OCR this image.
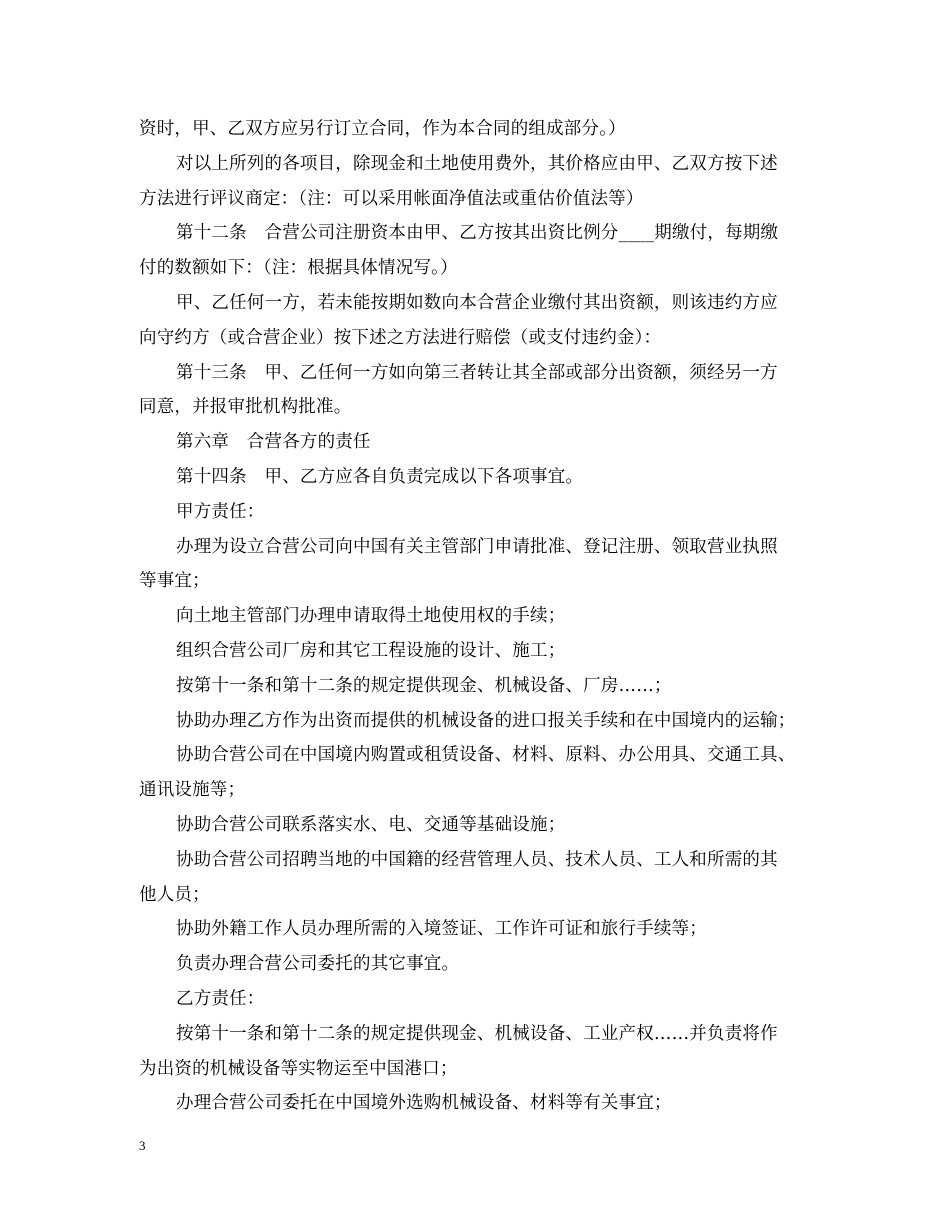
资时，甲、乙双方应另行订立合同，作为本合同的组成部分。）
对以上所列的各项目，除现金和土地使用费外，其价格应由甲、乙双方按下述
方法进行评议商定：（注：可以采用帐面净值法或重估价值法等）
第十二条　合营公司注册资本由甲、乙方按其出资比例分____期缴付，每期缴
付的数额如下：（注：根据具体情况写。）
甲、乙任何一方，若未能按期如数向本合营企业缴付其出资额，则该违约方应
向守约方（或合营企业）按下述之方法进行赔偿（或支付违约金）：
第十三条　甲、乙任何一方如向第三者转让其全部或部分出资额，须经另一方
同意，并报审批机构批准。
第六章　合营各方的责任
第十四条　甲、乙方应各自负责完成以下各项事宜。
甲方责任：
办理为设立合营公司向中国有关主管部门申请批准、登记注册、领取营业执照
等事宜；
向土地主管部门办理申请取得土地使用权的手续；
组织合营公司厂房和其它工程设施的设计、施工；
按第十一条和第十二条的规定提供现金、机械设备、厂房……；
协助办理乙方作为出资而提供的机械设备的进口报关手续和在中国境内的运输；
协助合营公司在中国境内购置或租赁设备、材料、原料、办公用具、交通工具、
通讯设施等；
协助合营公司联系落实水、电、交通等基础设施；
协助合营公司招聘当地的中国籍的经营管理人员、技术人员、工人和所需的其
他人员；
协助外籍工作人员办理所需的入境签证、工作许可证和旅行手续等；
负责办理合营公司委托的其它事宜。
乙方责任：
按第十一条和第十二条的规定提供现金、机械设备、工业产权……并负责将作
为出资的机械设备等实物运至中国港口；
办理合营公司委托在中国境外选购机械设备、材料等有关事宜；
3
